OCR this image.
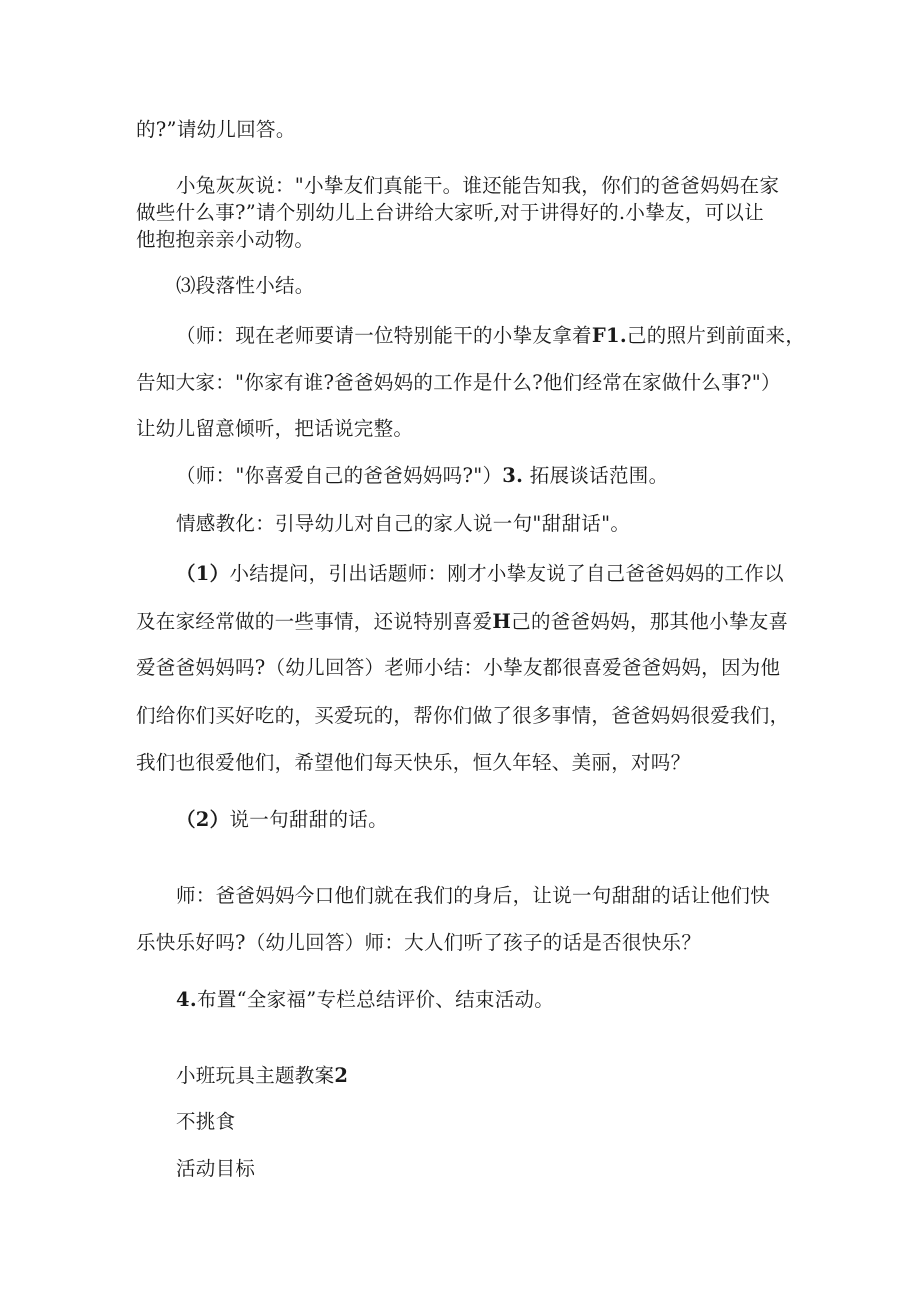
的?”请幼儿回答。
小兔灰灰说："小挚友们真能干。谁还能告知我，你们的爸爸妈妈在家
做些什么事?”请个别幼儿上台讲给大家听,对于讲得好的.小挚友，可以让
他抱抱亲亲小动物。
⑶段落性小结。
（师：现在老师要请一位特别能干的小挚友拿着F1.己的照片到前面来，
告知大家："你家有谁?爸爸妈妈的工作是什么?他们经常在家做什么事?"）
让幼儿留意倾听，把话说完整。
（师："你喜爱自己的爸爸妈妈吗?"）3. 拓展谈话范围。
情感教化：引导幼儿对自己的家人说一句"甜甜话"。
（1）小结提问，引出话题师：刚才小挚友说了自己爸爸妈妈的工作以
及在家经常做的一些事情，还说特别喜爱H己的爸爸妈妈，那其他小挚友喜
爱爸爸妈妈吗?（幼儿回答）老师小结：小挚友都很喜爱爸爸妈妈，因为他
们给你们买好吃的，买爱玩的，帮你们做了很多事情，爸爸妈妈很爱我们，
我们也很爱他们，希望他们每天快乐，恒久年轻、美丽，对吗？
（2）说一句甜甜的话。
师：爸爸妈妈今口他们就在我们的身后，让说一句甜甜的话让他们快
乐快乐好吗?（幼儿回答）师：大人们听了孩子的话是否很快乐？
4.布置“全家福”专栏总结评价、结束活动。
小班玩具主题教案2
不挑食
活动目标
